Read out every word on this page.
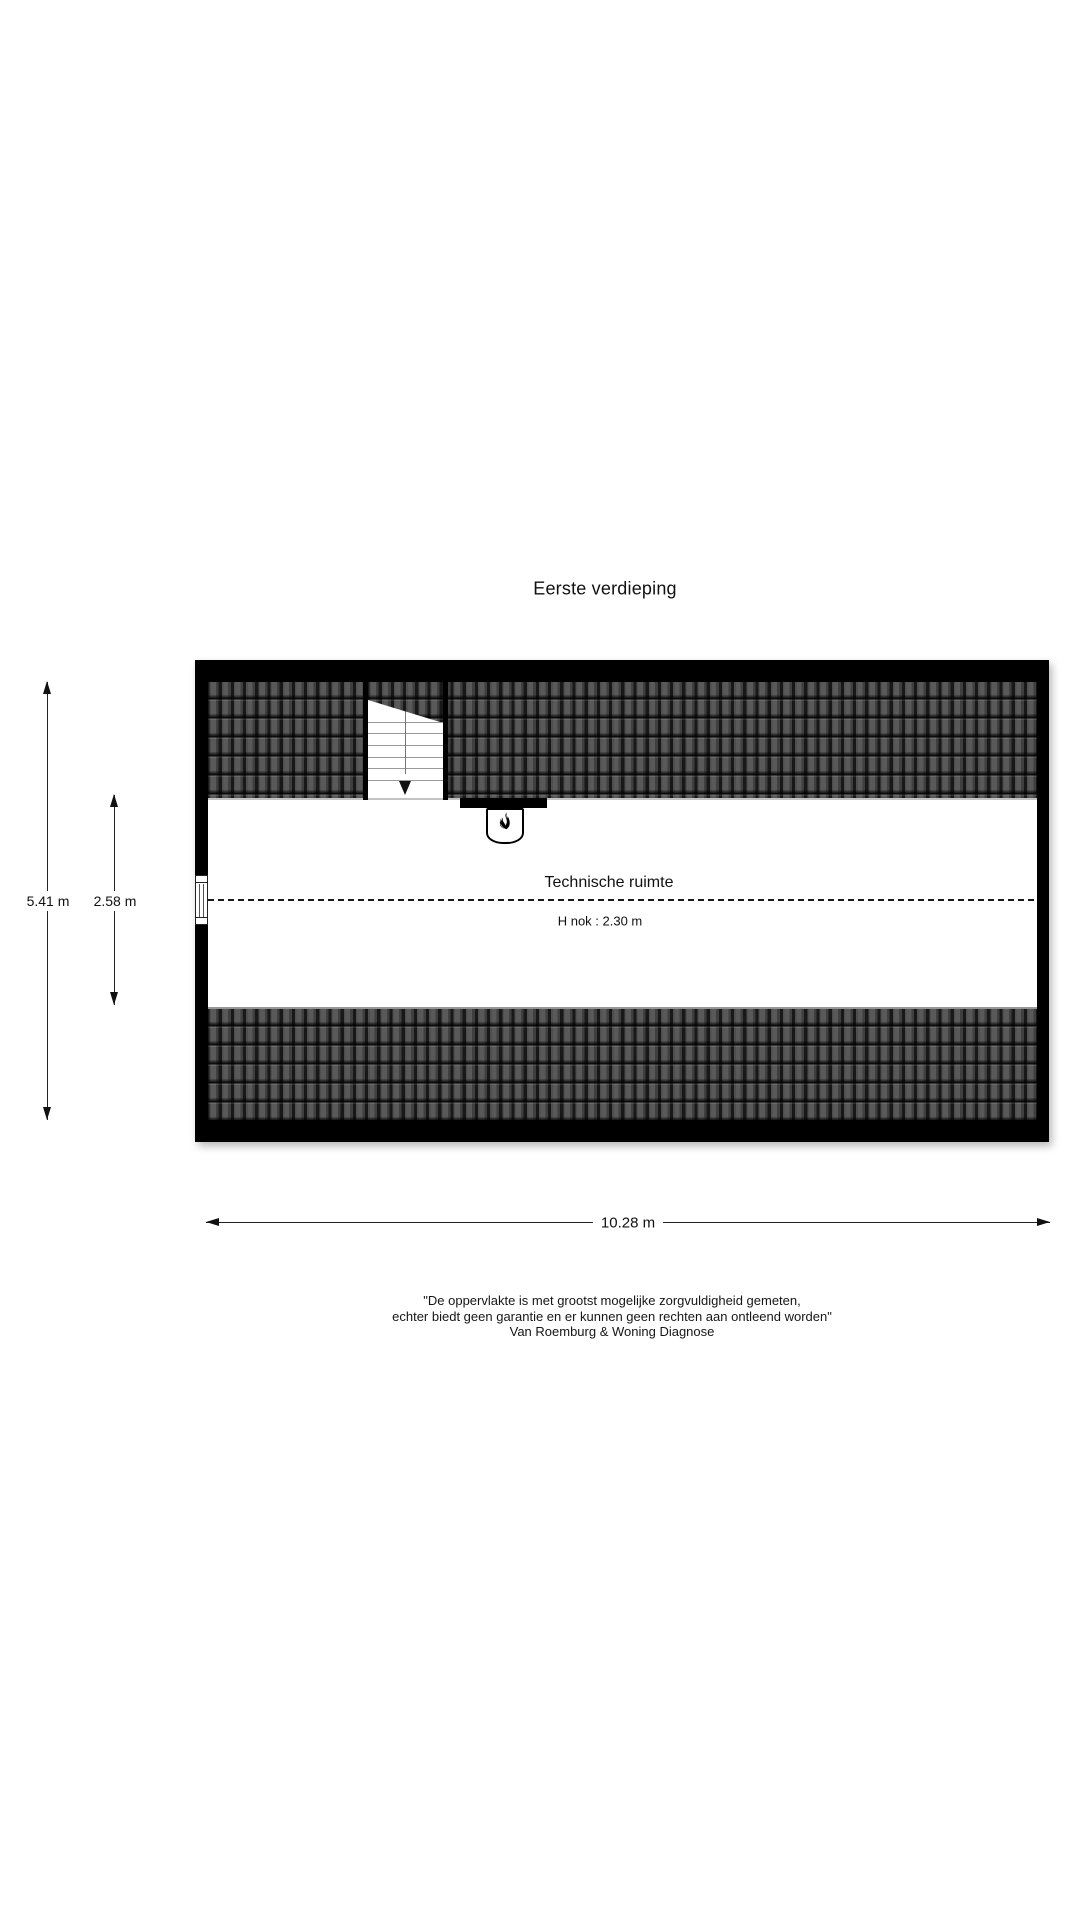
Eerste verdieping
Technische ruimte
H nok : 2.30 m
5.41 m 2.58 m
10.28 m
"De oppervlakte is met grootst mogelijke zorgvuldigheid gemeten,
echter biedt geen garantie en er kunnen geen rechten aan ontleend worden"
Van Roemburg & Woning Diagnose
